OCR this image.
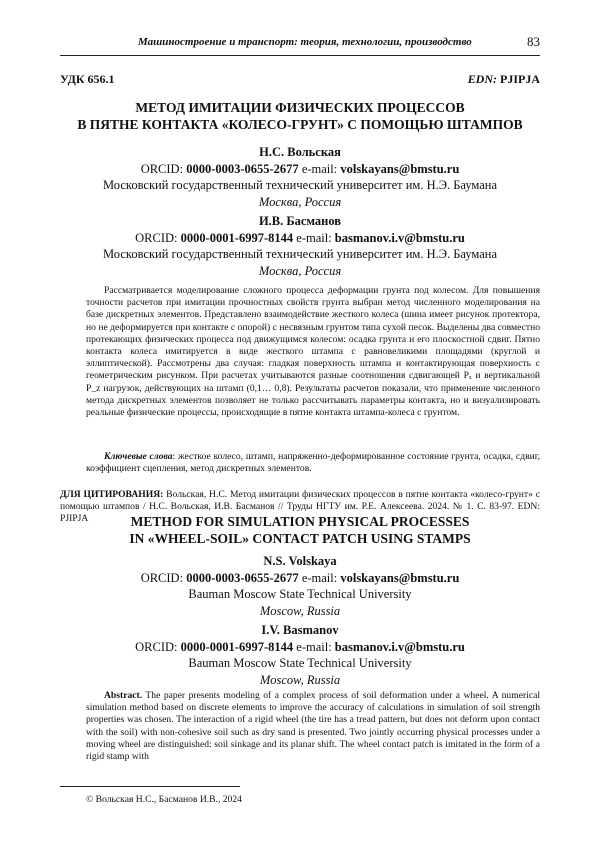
Машиностроение и транспорт: теория, технологии, производство	83
УДК 656.1	EDN: PJIPJA
МЕТОД ИМИТАЦИИ ФИЗИЧЕСКИХ ПРОЦЕССОВ
В ПЯТНЕ КОНТАКТА «КОЛЕСО-ГРУНТ» С ПОМОЩЬЮ ШТАМПОВ
Н.С. Вольская
ORCID: 0000-0003-0655-2677 e-mail: volskayans@bmstu.ru
Московский государственный технический университет им. Н.Э. Баумана
Москва, Россия
И.В. Басманов
ORCID: 0000-0001-6997-8144 e-mail: basmanov.i.v@bmstu.ru
Московский государственный технический университет им. Н.Э. Баумана
Москва, Россия
Рассматривается моделирование сложного процесса деформации грунта под колесом. Для повышения точности расчетов при имитации прочностных свойств грунта выбран метод численного моделирования на базе дискретных элементов. Представлено взаимодействие жесткого колеса (шина имеет рисунок протектора, но не деформируется при контакте с опорой) с несвязным грунтом типа сухой песок. Выделены два совместно протекающих физических процесса под движущимся колесом: осадка грунта и его плоскостной сдвиг. Пятно контакта колеса имитируется в виде жесткого штампа с равновеликими площадями (круглой и эллиптической). Рассмотрены два случая: гладкая поверхность штампа и контактирующая поверхность с геометрическим рисунком. При расчетах учитываются разные соотношения сдвигающей Pₓ и вертикальной P_z нагрузок, действующих на штамп (0,1… 0,8). Результаты расчетов показали, что применение численного метода дискретных элементов позволяет не только рассчитывать параметры контакта, но и визуализировать реальные физические процессы, происходящие в пятне контакта штампа-колеса с грунтом.
Ключевые слова: жесткое колесо, штамп, напряженно-деформированное состояние грунта, осадка, сдвиг, коэффициент сцепления, метод дискретных элементов.
ДЛЯ ЦИТИРОВАНИЯ: Вольская, Н.С. Метод имитации физических процессов в пятне контакта «колесо-грунт» с помощью штампов / Н.С. Вольская, И.В. Басманов // Труды НГТУ им. Р.Е. Алексеева. 2024. № 1. С. 83-97. EDN: PJIPJA	METHOD FOR SIMULATION PHYSICAL PROCESSES
IN «WHEEL-SOIL» CONTACT PATCH USING STAMPS
N.S. Volskaya
ORCID: 0000-0003-0655-2677 e-mail: volskayans@bmstu.ru
Bauman Moscow State Technical University
Moscow, Russia
I.V. Basmanov
ORCID: 0000-0001-6997-8144 e-mail: basmanov.i.v@bmstu.ru
Bauman Moscow State Technical University
Moscow, Russia
Abstract. The paper presents modeling of a complex process of soil deformation under a wheel. A numerical simulation method based on discrete elements to improve the accuracy of calculations in simulation of soil strength properties was chosen. The interaction of a rigid wheel (the tire has a tread pattern, but does not deform upon contact with the soil) with non-cohesive soil such as dry sand is presented. Two jointly occurring physical processes under a moving wheel are distinguished: soil sinkage and its planar shift. The wheel contact patch is imitated in the form of a rigid stamp with
© Вольская Н.С., Басманов И.В., 2024
